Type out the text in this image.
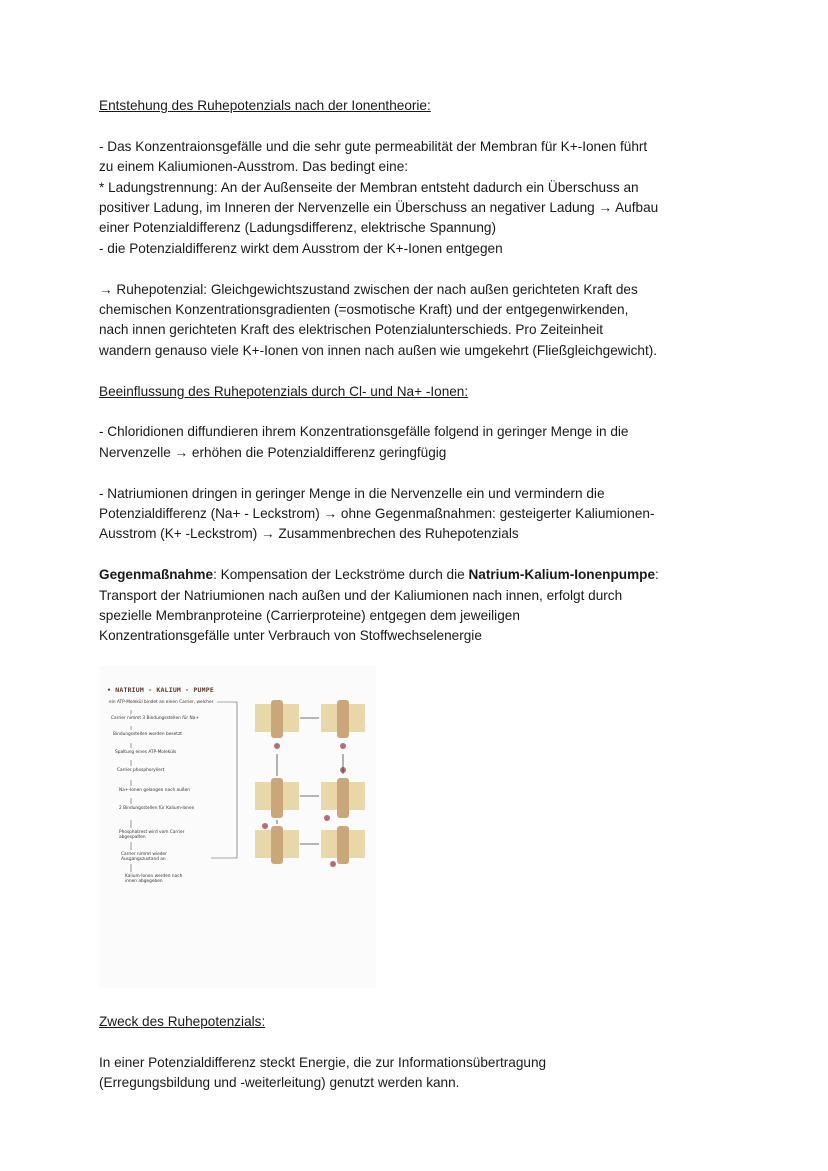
Entstehung des Ruhepotenzials nach der Ionentheorie:

- Das Konzentraionsgefälle und die sehr gute permeabilität der Membran für K+-Ionen führt

zu einem Kaliumionen-Ausstrom. Das bedingt eine:

* Ladungstrennung: An der Außenseite der Membran entsteht dadurch ein Überschuss an

positiver Ladung, im Inneren der Nervenzelle ein Überschuss an negativer Ladung → Aufbau

einer Potenzialdifferenz (Ladungsdifferenz, elektrische Spannung)

- die Potenzialdifferenz wirkt dem Ausstrom der K+-Ionen entgegen

→ Ruhepotenzial: Gleichgewichtszustand zwischen der nach außen gerichteten Kraft des

chemischen Konzentrationsgradienten (=osmotische Kraft) und der entgegenwirkenden,

nach innen gerichteten Kraft des elektrischen Potenzialunterschieds. Pro Zeiteinheit

wandern genauso viele K+-Ionen von innen nach außen wie umgekehrt (Fließgleichgewicht).

Beeinflussung des Ruhepotenzials durch Cl- und Na+ -Ionen:

- Chloridionen diffundieren ihrem Konzentrationsgefälle folgend in geringer Menge in die

Nervenzelle → erhöhen die Potenzialdifferenz geringfügig

- Natriumionen dringen in geringer Menge in die Nervenzelle ein und vermindern die

Potenzialdifferenz (Na+ - Leckstrom) → ohne Gegenmaßnahmen: gesteigerter Kaliumionen-

Ausstrom (K+ -Leckstrom) → Zusammenbrechen des Ruhepotenzials

Gegenmaßnahme: Kompensation der Leckströme durch die Natrium-Kalium-Ionenpumpe:

Transport der Natriumionen nach außen und der Kaliumionen nach innen, erfolgt durch

spezielle Membranproteine (Carrierproteine) entgegen dem jeweiligen

Konzentrationsgefälle unter Verbrauch von Stoffwechselenergie

• NATRIUM - KALIUM - PUMPE
ein ATP-Molekül bindet an einen Carrier, welcher
Carrier nimmt 3 Bindungsstellen für Na+
Bindungsstellen werden besetzt
Spaltung eines ATP-Moleküls
Carrier phosphoryliert
Na+-Ionen gelangen nach außen
2 Bindungsstellen für Kalium-Ionen
Phosphatrest wird vom Carrier abgespalten
Carrier nimmt wieder Ausgangszustand an
Kalium-Ionen werden nach innen abgegeben

Zweck des Ruhepotenzials:

In einer Potenzialdifferenz steckt Energie, die zur Informationsübertragung

(Erregungsbildung und -weiterleitung) genutzt werden kann.
